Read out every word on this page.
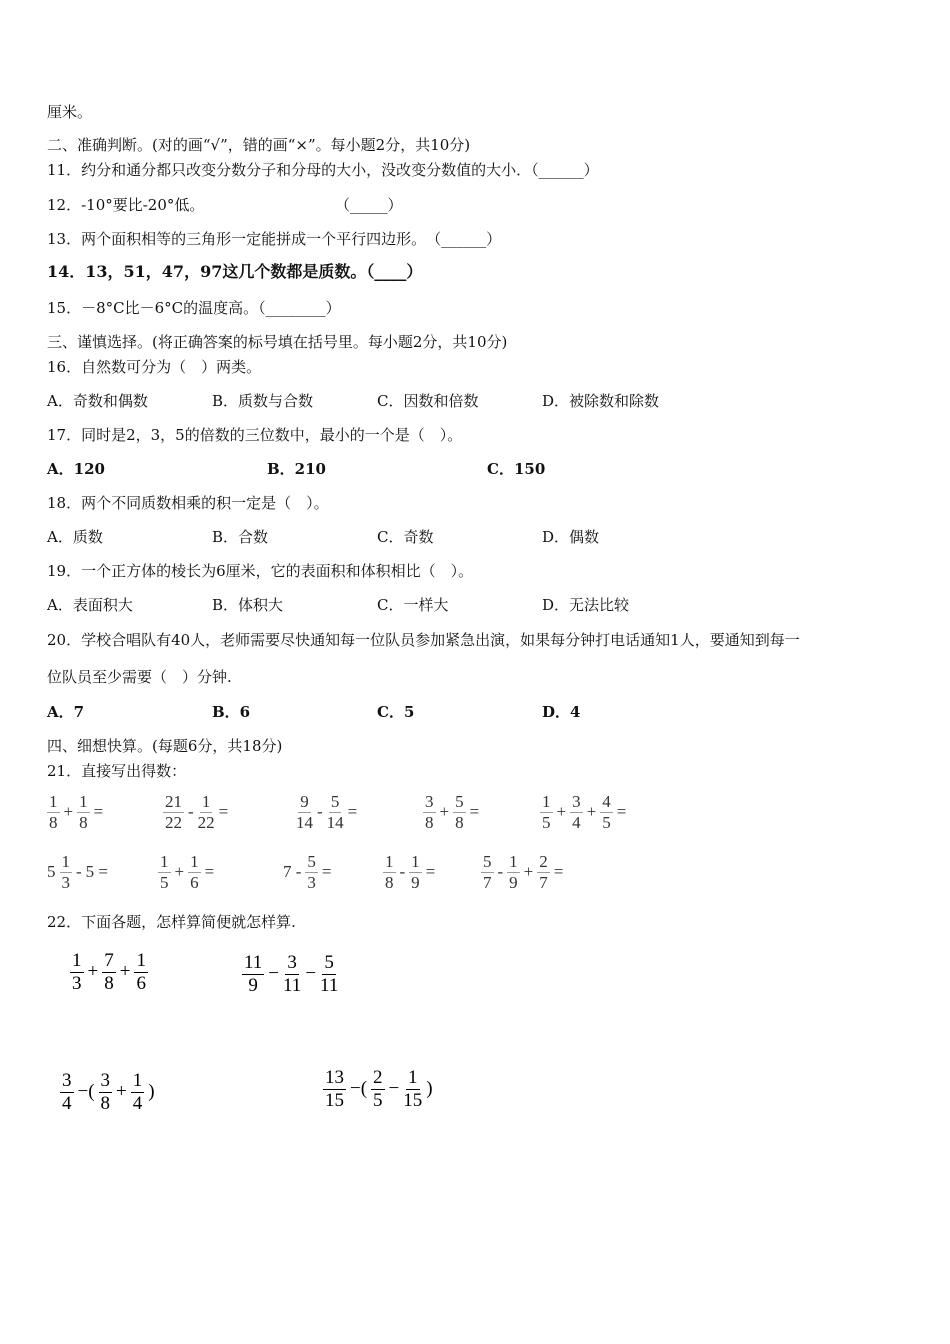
厘米。
二、准确判断。(对的画“√”，错的画“×”。每小题2分，共10分)
11．约分和通分都只改变分数分子和分母的大小，没改变分数值的大小．（______）
12．-10°要比-20°低。	（_____）
13．两个面积相等的三角形一定能拼成一个平行四边形。　（______）
14．13，51，47，97这几个数都是质数。（____）
15．－8°C比－6°C的温度高。（________）
三、谨慎选择。(将正确答案的标号填在括号里。每小题2分，共10分)
16．自然数可分为（　）两类。
A．奇数和偶数	B．质数与合数	C．因数和倍数	D．被除数和除数
17．同时是2，3，5的倍数的三位数中，最小的一个是（　）。
A．120	B．210	C．150
18．两个不同质数相乘的积一定是（　）。
A．质数	B．合数	C．奇数	D．偶数
19．一个正方体的棱长为6厘米，它的表面积和体积相比（　）。
A．表面积大	B．体积大	C．一样大	D．无法比较
20．学校合唱队有40人，老师需要尽快通知每一位队员参加紧急出演，如果每分钟打电话通知1人，要通知到每一
位队员至少需要（　）分钟.
A．7	B．6	C．5	D．4
四、细想快算。(每题6分，共18分)
21．直接写出得数：
$\frac{1}{8} + \frac{1}{8}$ =	$\frac{21}{22} - \frac{1}{22}$ =	$\frac{9}{14} - \frac{5}{14}$ =	$\frac{3}{8} + \frac{5}{8}$ =	$\frac{1}{5} + \frac{3}{4} + \frac{4}{5}$ =
$5 \frac{1}{3} - 5$ =	$\frac{1}{5} + \frac{1}{6}$ =	$7 - \frac{5}{3}$ =	$\frac{1}{8} - \frac{1}{9}$ =	$\frac{5}{7} - \frac{1}{9} + \frac{2}{7}$ =
22．下面各题，怎样算简便就怎样算.
$\frac{1}{3} + \frac{7}{8} + \frac{1}{6}$	$\frac{11}{9} - \frac{3}{11} - \frac{5}{11}$
$\frac{3}{4}$ −( $\frac{3}{8} + \frac{1}{4}$ )	$\frac{13}{15}$ −( $\frac{2}{5} - \frac{1}{15}$ )
